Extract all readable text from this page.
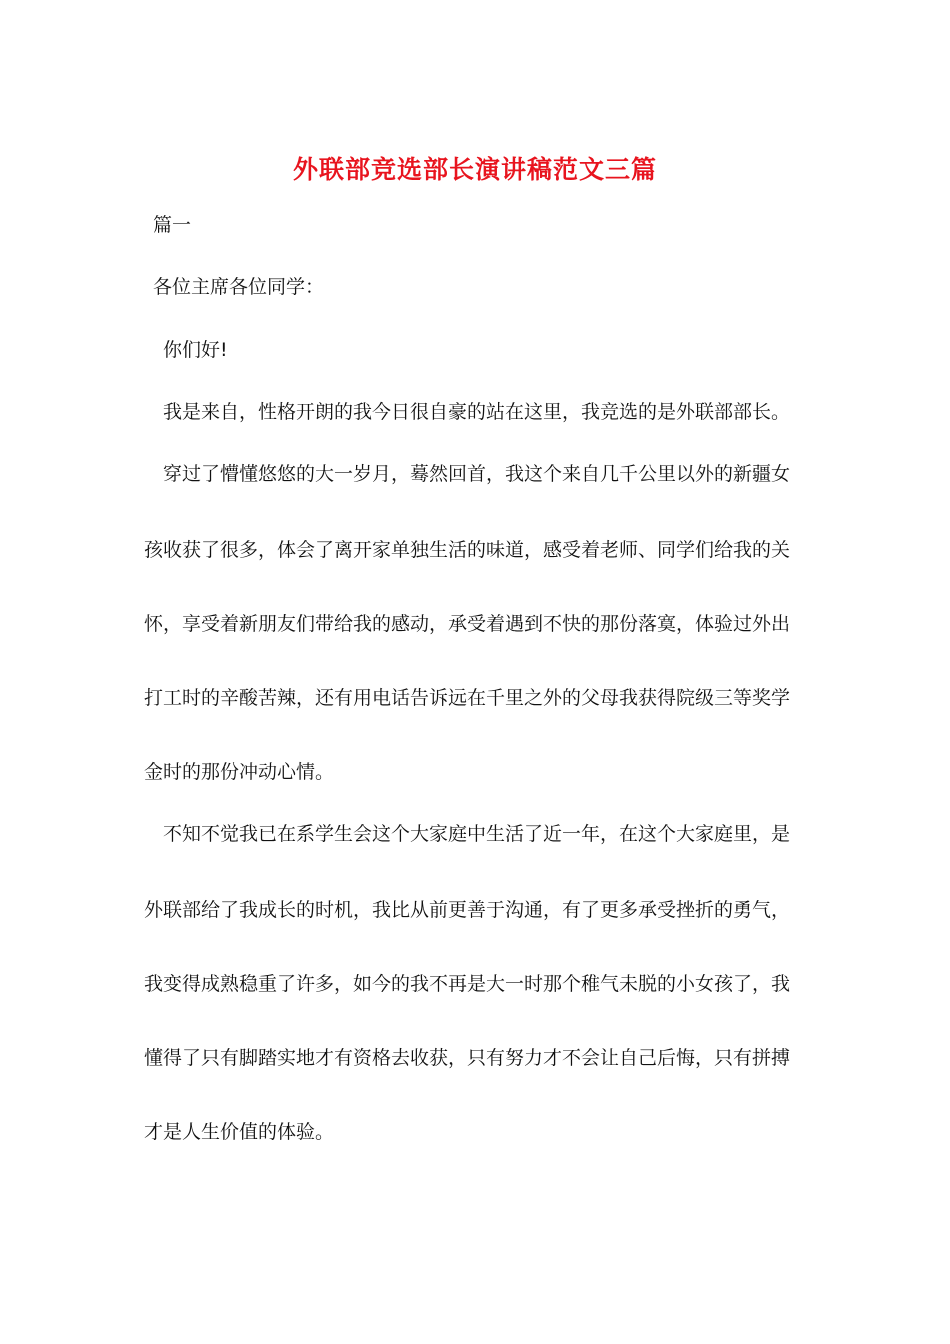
外联部竞选部长演讲稿范文三篇
篇一
各位主席各位同学：
你们好!
我是来自，性格开朗的我今日很自豪的站在这里，我竞选的是外联部部长。
穿过了懵懂悠悠的大一岁月，蓦然回首，我这个来自几千公里以外的新疆女
孩收获了很多，体会了离开家单独生活的味道，感受着老师、同学们给我的关
怀，享受着新朋友们带给我的感动，承受着遇到不快的那份落寞，体验过外出
打工时的辛酸苦辣，还有用电话告诉远在千里之外的父母我获得院级三等奖学
金时的那份冲动心情。
不知不觉我已在系学生会这个大家庭中生活了近一年，在这个大家庭里，是
外联部给了我成长的时机，我比从前更善于沟通，有了更多承受挫折的勇气，
我变得成熟稳重了许多，如今的我不再是大一时那个稚气未脱的小女孩了，我
懂得了只有脚踏实地才有资格去收获，只有努力才不会让自己后悔，只有拼搏
才是人生价值的体验。
